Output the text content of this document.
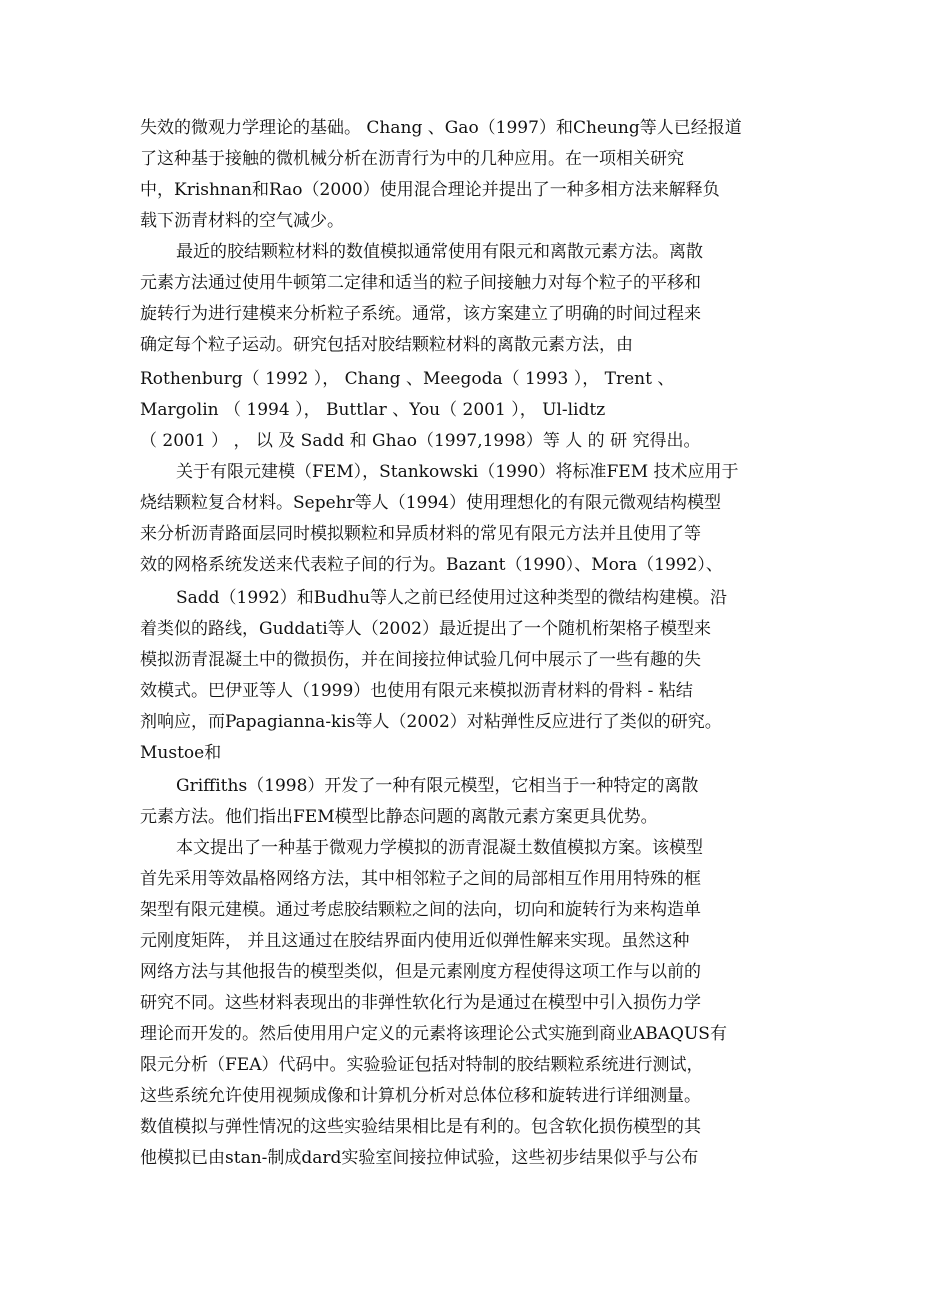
失效的微观力学理论的基础。 Chang 、Gao（1997）和Cheung等人已经报道
了这种基于接触的微机械分析在沥青行为中的几种应用。在一项相关研究
中，Krishnan和Rao（2000）使用混合理论并提出了一种多相方法来解释负
载下沥青材料的空气减少。
最近的胶结颗粒材料的数值模拟通常使用有限元和离散元素方法。离散
元素方法通过使用牛顿第二定律和适当的粒子间接触力对每个粒子的平移和
旋转行为进行建模来分析粒子系统。通常，该方案建立了明确的时间过程来
确定每个粒子运动。研究包括对胶结颗粒材料的离散元素方法，由
Rothenburg（ 1992 ）， Chang 、Meegoda（ 1993 ）， Trent 、
Margolin （ 1994 ）， Buttlar 、You（ 2001 ）， Ul-lidtz
（ 2001 ） ， 以 及 Sadd 和 Ghao（1997,1998）等 人 的 研 究得出。
关于有限元建模（FEM），Stankowski（1990）将标准FEM 技术应用于
烧结颗粒复合材料。Sepehr等人（1994）使用理想化的有限元微观结构模型
来分析沥青路面层同时模拟颗粒和异质材料的常见有限元方法并且使用了等
效的网格系统发送来代表粒子间的行为。Bazant（1990）、Mora（1992）、
Sadd（1992）和Budhu等人之前已经使用过这种类型的微结构建模。沿
着类似的路线，Guddati等人（2002）最近提出了一个随机桁架格子模型来
模拟沥青混凝土中的微损伤，并在间接拉伸试验几何中展示了一些有趣的失
效模式。巴伊亚等人（1999）也使用有限元来模拟沥青材料的骨料 - 粘结
剂响应，而Papagianna-kis等人（2002）对粘弹性反应进行了类似的研究。
Mustoe和
Griffiths（1998）开发了一种有限元模型，它相当于一种特定的离散
元素方法。他们指出FEM模型比静态问题的离散元素方案更具优势。
本文提出了一种基于微观力学模拟的沥青混凝土数值模拟方案。该模型
首先采用等效晶格网络方法，其中相邻粒子之间的局部相互作用用特殊的框
架型有限元建模。通过考虑胶结颗粒之间的法向，切向和旋转行为来构造单
元刚度矩阵， 并且这通过在胶结界面内使用近似弹性解来实现。虽然这种
网络方法与其他报告的模型类似，但是元素刚度方程使得这项工作与以前的
研究不同。这些材料表现出的非弹性软化行为是通过在模型中引入损伤力学
理论而开发的。然后使用用户定义的元素将该理论公式实施到商业ABAQUS有
限元分析（FEA）代码中。实验验证包括对特制的胶结颗粒系统进行测试，
这些系统允许使用视频成像和计算机分析对总体位移和旋转进行详细测量。
数值模拟与弹性情况的这些实验结果相比是有利的。包含软化损伤模型的其
他模拟已由stan-制成dard实验室间接拉伸试验，这些初步结果似乎与公布
